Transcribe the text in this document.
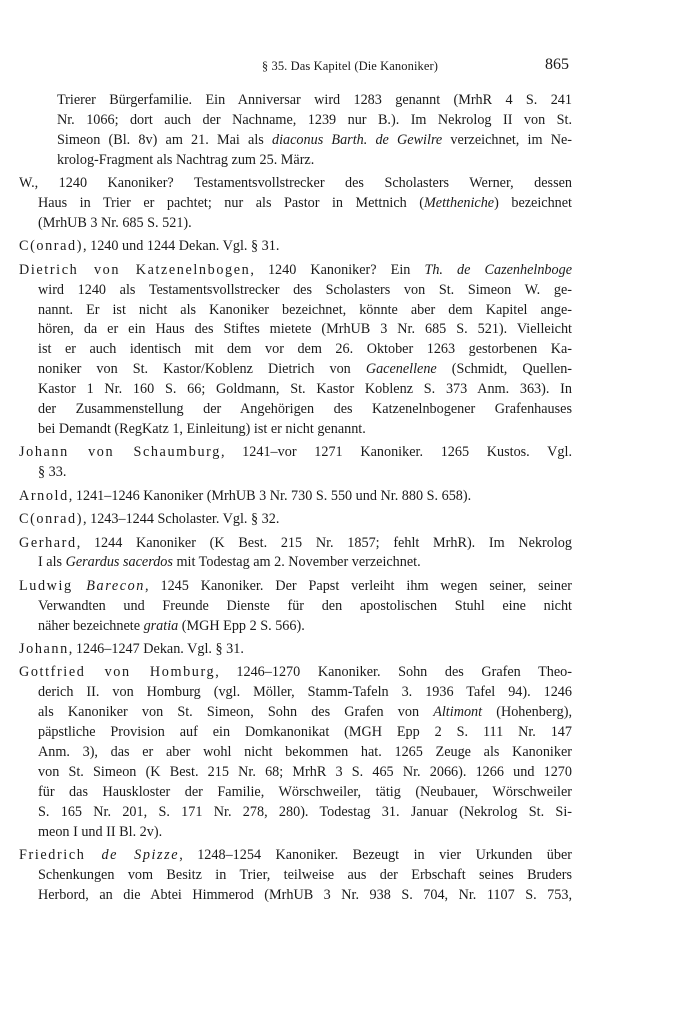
§ 35. Das Kapitel (Die Kanoniker)	865
Trierer Bürgerfamilie. Ein Anniversar wird 1283 genannt (MrhR 4 S. 241
Nr. 1066; dort auch der Nachname, 1239 nur B.). Im Nekrolog II von St.
Simeon (Bl. 8v) am 21. Mai als diaconus Barth. de Gewilre verzeichnet, im Ne-
krolog-Fragment als Nachtrag zum 25. März.
W., 1240 Kanoniker? Testamentsvollstrecker des Scholasters Werner, dessen
Haus in Trier er pachtet; nur als Pastor in Mettnich (Mettheniche) bezeichnet
(MrhUB 3 Nr. 685 S. 521).
C(onrad), 1240 und 1244 Dekan. Vgl. § 31.
Dietrich von Katzenelnbogen, 1240 Kanoniker? Ein Th. de Cazenhelnboge
wird 1240 als Testamentsvollstrecker des Scholasters von St. Simeon W. ge-
nannt. Er ist nicht als Kanoniker bezeichnet, könnte aber dem Kapitel ange-
hören, da er ein Haus des Stiftes mietete (MrhUB 3 Nr. 685 S. 521). Vielleicht
ist er auch identisch mit dem vor dem 26. Oktober 1263 gestorbenen Ka-
noniker von St. Kastor/Koblenz Dietrich von Gacenellene (Schmidt, Quellen-
Kastor 1 Nr. 160 S. 66; Goldmann, St. Kastor Koblenz S. 373 Anm. 363). In
der Zusammenstellung der Angehörigen des Katzenelnbogener Grafenhauses
bei Demandt (RegKatz 1, Einleitung) ist er nicht genannt.
Johann von Schaumburg, 1241–vor 1271 Kanoniker. 1265 Kustos. Vgl.
§ 33.
Arnold, 1241–1246 Kanoniker (MrhUB 3 Nr. 730 S. 550 und Nr. 880 S. 658).
C(onrad), 1243–1244 Scholaster. Vgl. § 32.
Gerhard, 1244 Kanoniker (K Best. 215 Nr. 1857; fehlt MrhR). Im Nekrolog
I als Gerardus sacerdos mit Todestag am 2. November verzeichnet.
Ludwig Barecon, 1245 Kanoniker. Der Papst verleiht ihm wegen seiner, seiner
Verwandten und Freunde Dienste für den apostolischen Stuhl eine nicht
näher bezeichnete gratia (MGH Epp 2 S. 566).
Johann, 1246–1247 Dekan. Vgl. § 31.
Gottfried von Homburg, 1246–1270 Kanoniker. Sohn des Grafen Theo-
derich II. von Homburg (vgl. Möller, Stamm-Tafeln 3. 1936 Tafel 94). 1246
als Kanoniker von St. Simeon, Sohn des Grafen von Altimont (Hohenberg),
päpstliche Provision auf ein Domkanonikat (MGH Epp 2 S. 111 Nr. 147
Anm. 3), das er aber wohl nicht bekommen hat. 1265 Zeuge als Kanoniker
von St. Simeon (K Best. 215 Nr. 68; MrhR 3 S. 465 Nr. 2066). 1266 und 1270
für das Hauskloster der Familie, Wörschweiler, tätig (Neubauer, Wörschweiler
S. 165 Nr. 201, S. 171 Nr. 278, 280). Todestag 31. Januar (Nekrolog St. Si-
meon I und II Bl. 2v).
Friedrich de Spizze, 1248–1254 Kanoniker. Bezeugt in vier Urkunden über
Schenkungen vom Besitz in Trier, teilweise aus der Erbschaft seines Bruders
Herbord, an die Abtei Himmerod (MrhUB 3 Nr. 938 S. 704, Nr. 1107 S. 753,
